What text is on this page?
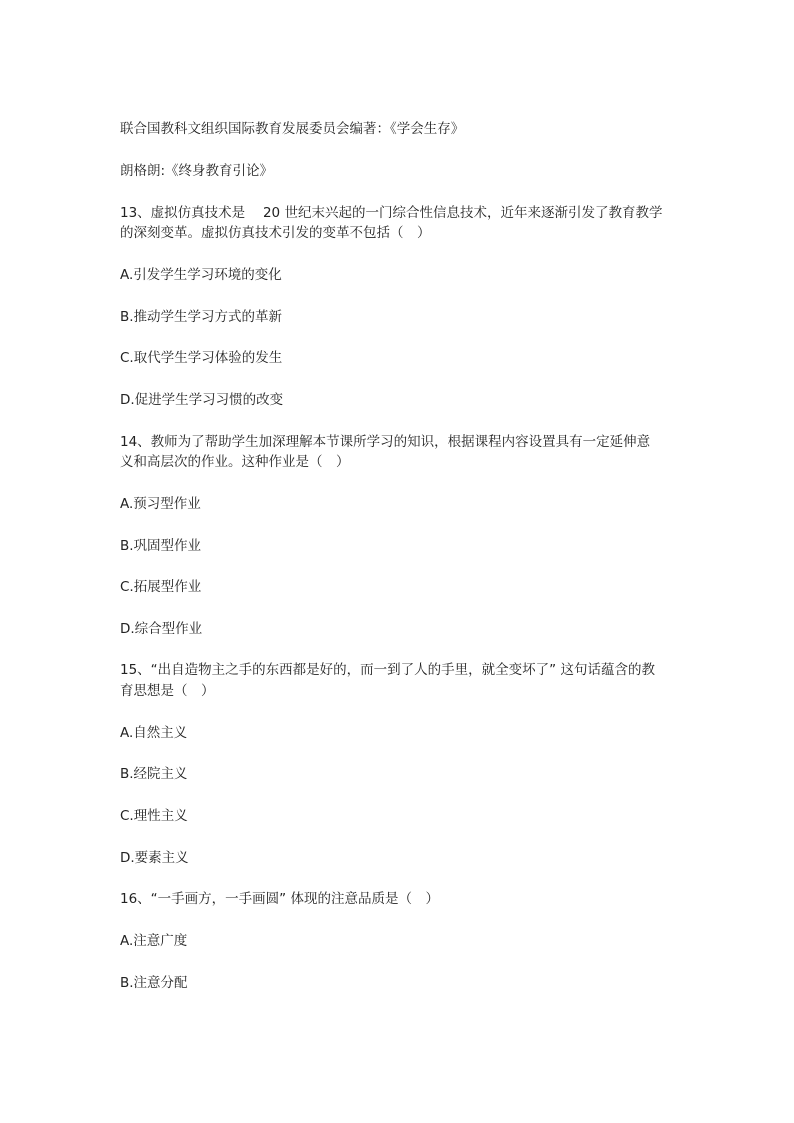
联合国教科文组织国际教育发展委员会编著：《学会生存》
朗格朗:《终身教育引论》
13、虚拟仿真技术是　 20 世纪末兴起的一门综合性信息技术，近年来逐渐引发了教育教学
的深刻变革。虚拟仿真技术引发的变革不包括（　）
A.引发学生学习环境的变化
B.推动学生学习方式的革新
C.取代学生学习体验的发生
D.促进学生学习习惯的改变
14、教师为了帮助学生加深理解本节课所学习的知识，根据课程内容设置具有一定延伸意
义和高层次的作业。这种作业是（　）
A.预习型作业
B.巩固型作业
C.拓展型作业
D.综合型作业
15、“出自造物主之手的东西都是好的，而一到了人的手里，就全变坏了” 这句话蕴含的教
育思想是（　）
A.自然主义
B.经院主义
C.理性主义
D.要素主义
16、“一手画方，一手画圆” 体现的注意品质是（　）
A.注意广度
B.注意分配
